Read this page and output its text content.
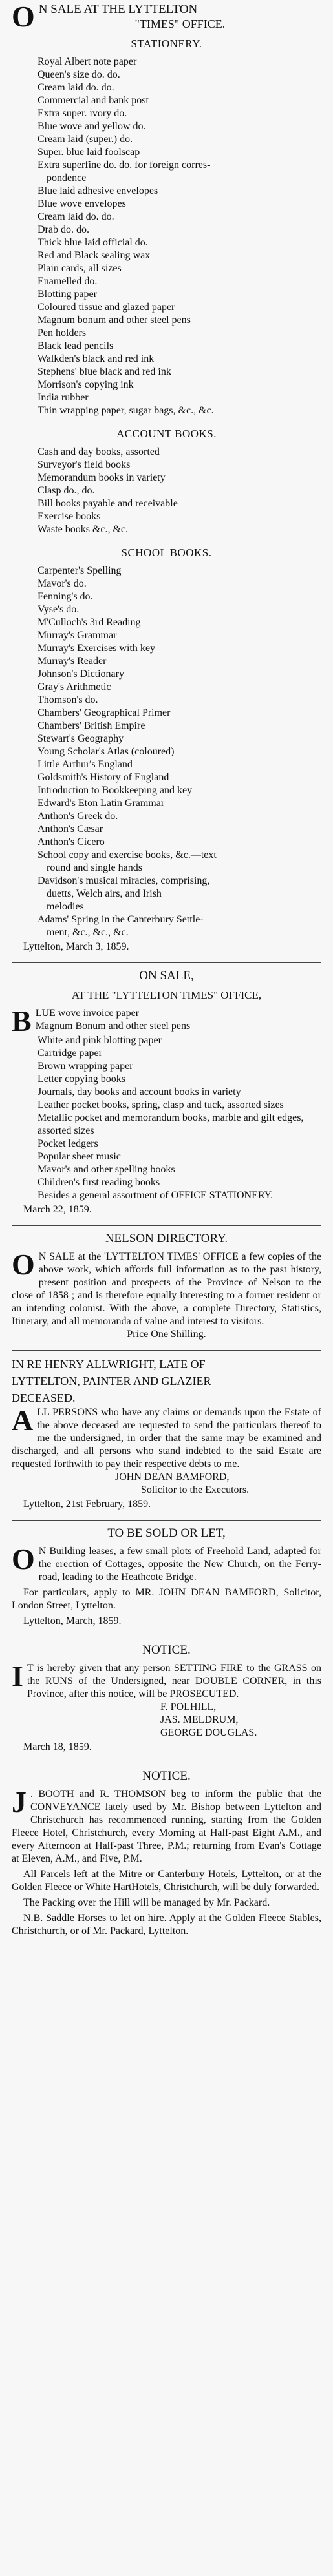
O N SALE AT THE LYTTELTON
"TIMES" OFFICE.
STATIONERY.
Royal Albert note paper
Queen's size do. do.
Cream laid do. do.
Commercial and bank post
Extra super. ivory do.
Blue wove and yellow do.
Cream laid (super.) do.
Super. blue laid foolscap
Extra superfine do. do. for foreign corres-
pondence
Blue laid adhesive envelopes
Blue wove envelopes
Cream laid do. do.
Drab do. do.
Thick blue laid official do.
Red and Black sealing wax
Plain cards, all sizes
Enamelled do.
Blotting paper
Coloured tissue and glazed paper
Magnum bonum and other steel pens
Pen holders
Black lead pencils
Walkden's black and red ink
Stephens' blue black and red ink
Morrison's copying ink
India rubber
Thin wrapping paper, sugar bags, &c., &c.
ACCOUNT BOOKS.
Cash and day books, assorted
Surveyor's field books
Memorandum books in variety
Clasp do., do.
Bill books payable and receivable
Exercise books
Waste books &c., &c.
SCHOOL BOOKS.
Carpenter's Spelling
Mavor's do.
Fenning's do.
Vyse's do.
M'Culloch's 3rd Reading
Murray's Grammar
Murray's Exercises with key
Murray's Reader
Johnson's Dictionary
Gray's Arithmetic
Thomson's do.
Chambers' Geographical Primer
Chambers' British Empire
Stewart's Geography
Young Scholar's Atlas (coloured)
Little Arthur's England
Goldsmith's History of England
Introduction to Bookkeeping and key
Edward's Eton Latin Grammar
Anthon's Greek do.
Anthon's Cæsar
Anthon's Cicero
School copy and exercise books, &c.—text
round and single hands
Davidson's musical miracles, comprising,
duetts, Welch airs, and Irish
melodies
Adams' Spring in the Canterbury Settle-
ment, &c., &c., &c.
Lyttelton, March 3, 1859.
ON SALE,
AT THE "LYTTELTON TIMES" OFFICE,
B LUE wove invoice paper
Magnum Bonum and other steel pens
White and pink blotting paper
Cartridge paper
Brown wrapping paper
Letter copying books
Journals, day books and account books in variety
Leather pocket books, spring, clasp and tuck, assorted sizes
Metallic pocket and memorandum books, marble and gilt edges, assorted sizes
Pocket ledgers
Popular sheet music
Mavor's and other spelling books
Children's first reading books
Besides a general assortment of OFFICE STATIONERY.
March 22, 1859.
NELSON DIRECTORY.
O N SALE at the 'LYTTELTON TIMES' OFFICE a few copies of the above work, which affords full information as to the past history, present position and prospects of the Province of Nelson to the close of 1858 ; and is therefore equally interesting to a former resident or an intending colonist. With the above, a complete Directory, Statistics, Itinerary, and all memoranda of value and interest to visitors.
Price One Shilling.
IN RE HENRY ALLWRIGHT, LATE OF
LYTTELTON, PAINTER AND GLAZIER
DECEASED.
A LL PERSONS who have any claims or demands upon the Estate of the above deceased are requested to send the particulars thereof to me the undersigned, in order that the same may be examined and discharged, and all persons who stand indebted to the said Estate are requested forthwith to pay their respective debts to me.
JOHN DEAN BAMFORD,
Solicitor to the Executors.
Lyttelton, 21st February, 1859.
TO BE SOLD OR LET,
O N Building leases, a few small plots of Freehold Land, adapted for the erection of Cottages, opposite the New Church, on the Ferry-road, leading to the Heathcote Bridge.
For particulars, apply to MR. JOHN DEAN BAMFORD, Solicitor, London Street, Lyttelton.
Lyttelton, March, 1859.
NOTICE.
I T is hereby given that any person SETTING FIRE to the GRASS on the RUNS of the Undersigned, near DOUBLE CORNER, in this Province, after this notice, will be PROSECUTED.
F. POLHILL,
JAS. MELDRUM,
GEORGE DOUGLAS.
March 18, 1859.
NOTICE.
J . BOOTH and R. THOMSON beg to inform the public that the CONVEYANCE lately used by Mr. Bishop between Lyttelton and Christchurch has recommenced running, starting from the Golden Fleece Hotel, Christchurch, every Morning at Half-past Eight A.M., and every Afternoon at Half-past Three, P.M.; returning from Evan's Cottage at Eleven, A.M., and Five, P.M.
All Parcels left at the Mitre or Canterbury Hotels, Lyttelton, or at the Golden Fleece or White HartHotels, Christchurch, will be duly forwarded.
The Packing over the Hill will be managed by Mr. Packard.
N.B. Saddle Horses to let on hire. Apply at the Golden Fleece Stables, Christchurch, or of Mr. Packard, Lyttelton.
